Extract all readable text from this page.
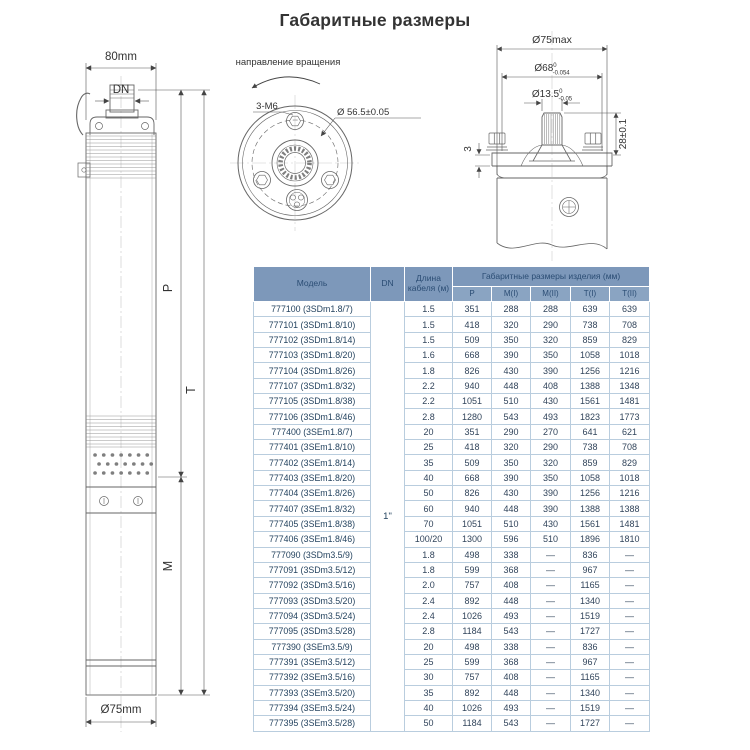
Габаритные размеры
80mm
DN
P
T
M
Ø75mm
направление вращения
3-М6
Ø 56.5±0.05
Ø75max
$Ø68^0$ -0.054
Ø13.5$^0$ -0.05
3	28±0.1
Модель	DN	Длина кабеля (м)	Габаритные размеры изделия (мм)				
			P	M(I)	M(II)	T(I)	T(II)
777100 (3SDm1.8/7)	1"	1.5	351	288	288	639	639
777101 (3SDm1.8/10)		1.5	418	320	290	738	708
777102 (3SDm1.8/14)		1.5	509	350	320	859	829
777103 (3SDm1.8/20)		1.6	668	390	350	1058	1018
777104 (3SDm1.8/26)		1.8	826	430	390	1256	1216
777107 (3SDm1.8/32)		2.2	940	448	408	1388	1348
777105 (3SDm1.8/38)		2.2	1051	510	430	1561	1481
777106 (3SDm1.8/46)		2.8	1280	543	493	1823	1773
777400 (3SEm1.8/7)		20	351	290	270	641	621
777401 (3SEm1.8/10)		25	418	320	290	738	708
777402 (3SEm1.8/14)		35	509	350	320	859	829
777403 (3SEm1.8/20)		40	668	390	350	1058	1018
777404 (3SEm1.8/26)		50	826	430	390	1256	1216
777407 (3SEm1.8/32)		60	940	448	390	1388	1388
777405 (3SEm1.8/38)		70	1051	510	430	1561	1481
777406 (3SEm1.8/46)		100/20	1300	596	510	1896	1810
777090 (3SDm3.5/9)		1.8	498	338	—	836	—
777091 (3SDm3.5/12)		1.8	599	368	—	967	—
777092 (3SDm3.5/16)		2.0	757	408	—	1165	—
777093 (3SDm3.5/20)		2.4	892	448	—	1340	—
777094 (3SDm3.5/24)		2.4	1026	493	—	1519	—
777095 (3SDm3.5/28)		2.8	1184	543	—	1727	—
777390 (3SEm3.5/9)		20	498	338	—	836	—
777391 (3SEm3.5/12)		25	599	368	—	967	—
777392 (3SEm3.5/16)		30	757	408	—	1165	—
777393 (3SEm3.5/20)		35	892	448	—	1340	—
777394 (3SEm3.5/24)		40	1026	493	—	1519	—
777395 (3SEm3.5/28)		50	1184	543	—	1727	—
